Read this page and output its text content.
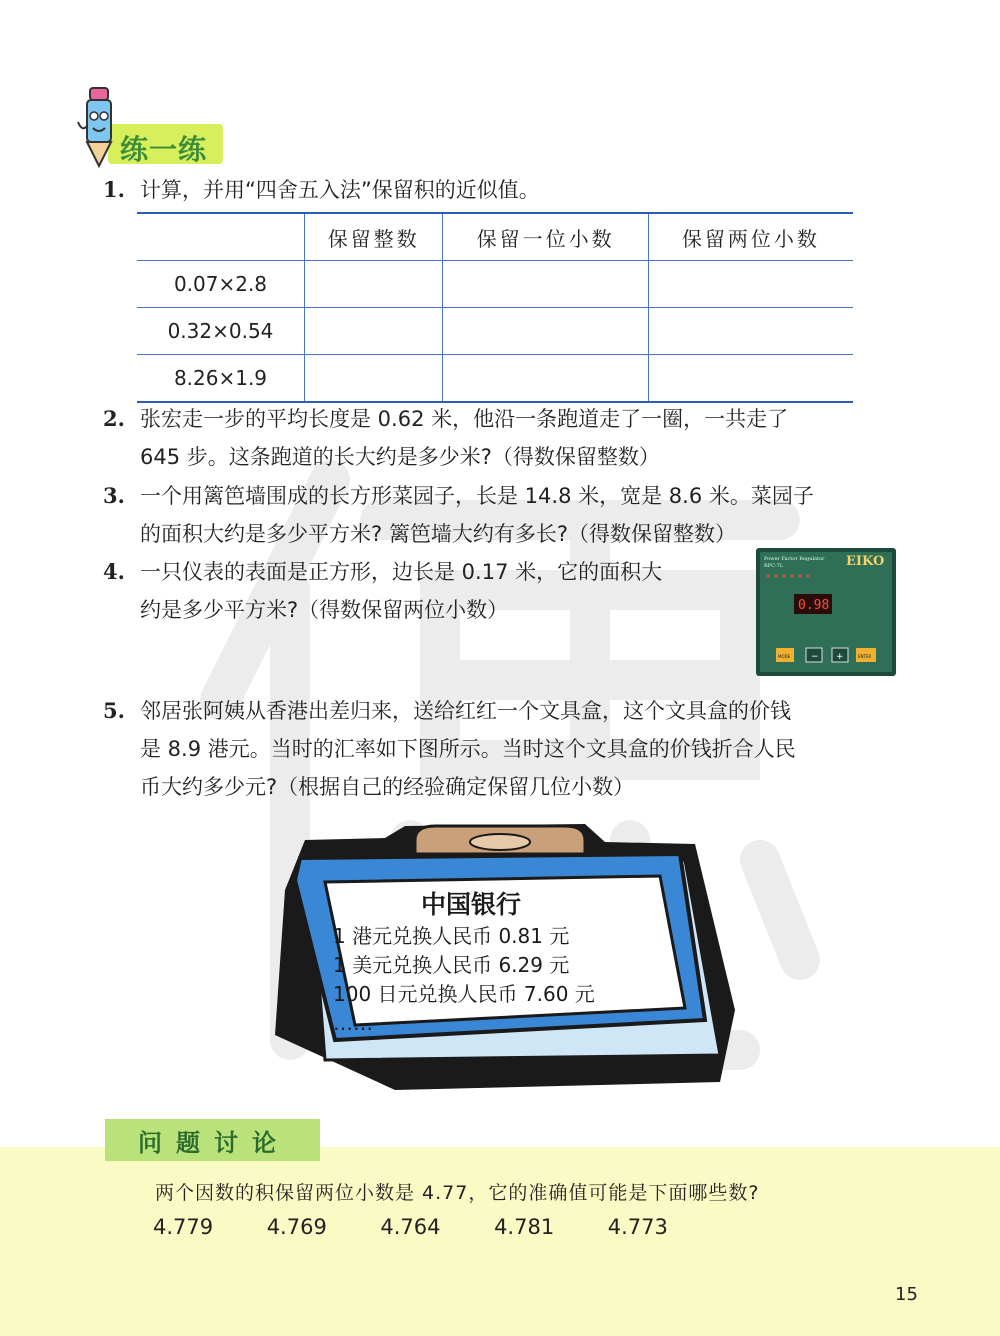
练一练
1. 计算，并用“四舍五入法”保留积的近似值。
	保留整数	保留一位小数	保留两位小数
0.07×2.8			
0.32×0.54			
8.26×1.9			
2. 张宏走一步的平均长度是 0.62 米，他沿一条跑道走了一圈，一共走了
645 步。这条跑道的长大约是多少米?（得数保留整数）
3. 一个用篱笆墙围成的长方形菜园子，长是 14.8 米，宽是 8.6 米。菜园子
的面积大约是多少平方米? 篱笆墙大约有多长?（得数保留整数）
4. 一只仪表的表面是正方形，边长是 0.17 米，它的面积大
约是多少平方米?（得数保留两位小数）
Power Factor Regulator
RPC-7L	EIKO
0.98
MODE − +	ENTER
5. 邻居张阿姨从香港出差归来，送给红红一个文具盒，这个文具盒的价钱
是 8.9 港元。当时的汇率如下图所示。当时这个文具盒的价钱折合人民
币大约多少元?（根据自己的经验确定保留几位小数）
中国银行
1 港元兑换人民币 0.81 元
1 美元兑换人民币 6.29 元
100 日元兑换人民币 7.60 元
……
问题讨论
两个因数的积保留两位小数是 4.77，它的准确值可能是下面哪些数?
4.779	4.769	4.764	4.781	4.773
15
